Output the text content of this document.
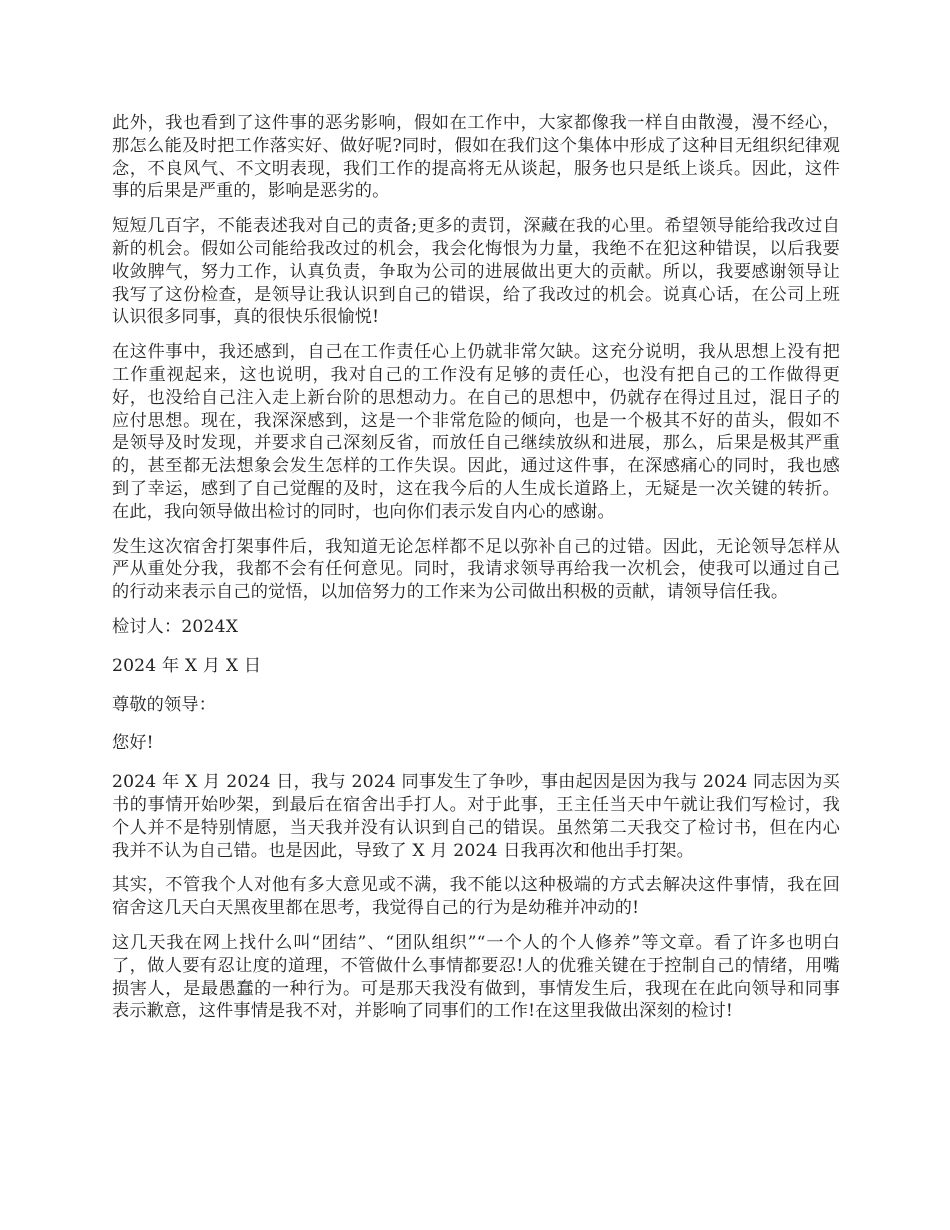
此外，我也看到了这件事的恶劣影响，假如在工作中，大家都像我一样自由散漫，漫不经心，那怎么能及时把工作落实好、做好呢?同时，假如在我们这个集体中形成了这种目无组织纪律观念，不良风气、不文明表现，我们工作的提高将无从谈起，服务也只是纸上谈兵。因此，这件事的后果是严重的，影响是恶劣的。

短短几百字，不能表述我对自己的责备;更多的责罚，深藏在我的心里。希望领导能给我改过自新的机会。假如公司能给我改过的机会，我会化悔恨为力量，我绝不在犯这种错误，以后我要收敛脾气，努力工作，认真负责，争取为公司的进展做出更大的贡献。所以，我要感谢领导让我写了这份检查，是领导让我认识到自己的错误，给了我改过的机会。说真心话，在公司上班认识很多同事，真的很快乐很愉悦!

在这件事中，我还感到，自己在工作责任心上仍就非常欠缺。这充分说明，我从思想上没有把工作重视起来，这也说明，我对自己的工作没有足够的责任心，也没有把自己的工作做得更好，也没给自己注入走上新台阶的思想动力。在自己的思想中，仍就存在得过且过，混日子的应付思想。现在，我深深感到，这是一个非常危险的倾向，也是一个极其不好的苗头，假如不是领导及时发现，并要求自己深刻反省，而放任自己继续放纵和进展，那么，后果是极其严重的，甚至都无法想象会发生怎样的工作失误。因此，通过这件事，在深感痛心的同时，我也感到了幸运，感到了自己觉醒的及时，这在我今后的人生成长道路上，无疑是一次关键的转折。在此，我向领导做出检讨的同时，也向你们表示发自内心的感谢。

发生这次宿舍打架事件后，我知道无论怎样都不足以弥补自己的过错。因此，无论领导怎样从严从重处分我，我都不会有任何意见。同时，我请求领导再给我一次机会，使我可以通过自己的行动来表示自己的觉悟，以加倍努力的工作来为公司做出积极的贡献，请领导信任我。

检讨人：2024X

2024 年 X 月 X 日

尊敬的领导：

您好!

2024 年 X 月 2024 日，我与 2024 同事发生了争吵，事由起因是因为我与 2024 同志因为买书的事情开始吵架，到最后在宿舍出手打人。对于此事，王主任当天中午就让我们写检讨，我个人并不是特别情愿，当天我并没有认识到自己的错误。虽然第二天我交了检讨书，但在内心我并不认为自己错。也是因此，导致了 X 月 2024 日我再次和他出手打架。

其实，不管我个人对他有多大意见或不满，我不能以这种极端的方式去解决这件事情，我在回宿舍这几天白天黑夜里都在思考，我觉得自己的行为是幼稚并冲动的!

这几天我在网上找什么叫“团结”、“团队组织”“一个人的个人修养”等文章。看了许多也明白了，做人要有忍让度的道理，不管做什么事情都要忍!人的优雅关键在于控制自己的情绪，用嘴损害人，是最愚蠢的一种行为。可是那天我没有做到，事情发生后，我现在在此向领导和同事表示歉意，这件事情是我不对，并影响了同事们的工作!在这里我做出深刻的检讨!
